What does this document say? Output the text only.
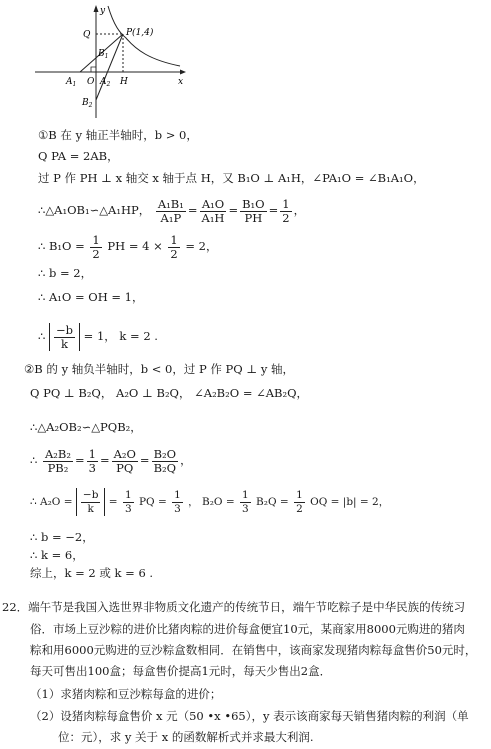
y
x
Q	P(1,4)
$B_1$
$A_1$ O $A_2$ H
$B_2$
①B 在 y 轴正半轴时，b > 0，
Q PA = 2AB，
过 P 作 PH ⊥ x 轴交 x 轴于点 H，又 B₁O ⊥ A₁H，∠PA₁O = ∠B₁A₁O，
∴△A₁OB₁∽△A₁HP， $\frac{\text{A₁B₁}}{\text{A₁P}} = \frac{\text{A₁O}}{\text{A₁H}} = \frac{\text{B₁O}}{PH} = \frac{1}{2}$ ，
∴ $B_1O = \frac{1}{2}$ PH = $4 \times \frac{1}{2} = 2$，
∴ b = 2，
∴ A₁O = OH = 1，
∴ $\frac{-b}{k} = 1$， k = 2 .
②B 的 y 轴负半轴时，b < 0，过 P 作 PQ ⊥ y 轴，
Q PQ ⊥ B₂Q， A₂O ⊥ B₂Q， ∠A₂B₂O = ∠AB₂Q，
∴△A₂OB₂∽△PQB₂，
∴ $\frac{\text{A₂B₂}}{\text{PB₂}} = \frac{1}{3} = \frac{\text{A₂O}}{PQ} = \frac{\text{B₂O}}{\text{B₂Q}}$ ，
∴ $A_2O = \frac{-b}{k} = \frac{1}{3}$ PQ = $\frac{1}{3}$ ， $B_2O = \frac{1}{3} B_2Q = \frac{1}{2}$ OQ = |b| = 2，
∴ b = −2，
∴ k = 6，
综上，k = 2 或 k = 6 .
22．端午节是我国入选世界非物质文化遗产的传统节日，端午节吃粽子是中华民族的传统习
俗．市场上豆沙粽的进价比猪肉粽的进价每盒便宜10元，某商家用8000元购进的猪肉
粽和用6000元购进的豆沙粽盒数相同．在销售中，该商家发现猪肉粽每盒售价50元时，
每天可售出100盒；每盒售价提高1元时，每天少售出2盒．
（1）求猪肉粽和豆沙粽每盒的进价；
（2）设猪肉粽每盒售价 x 元（50 •x •65），y 表示该商家每天销售猪肉粽的利润（单
位：元），求 y 关于 x 的函数解析式并求最大利润.
